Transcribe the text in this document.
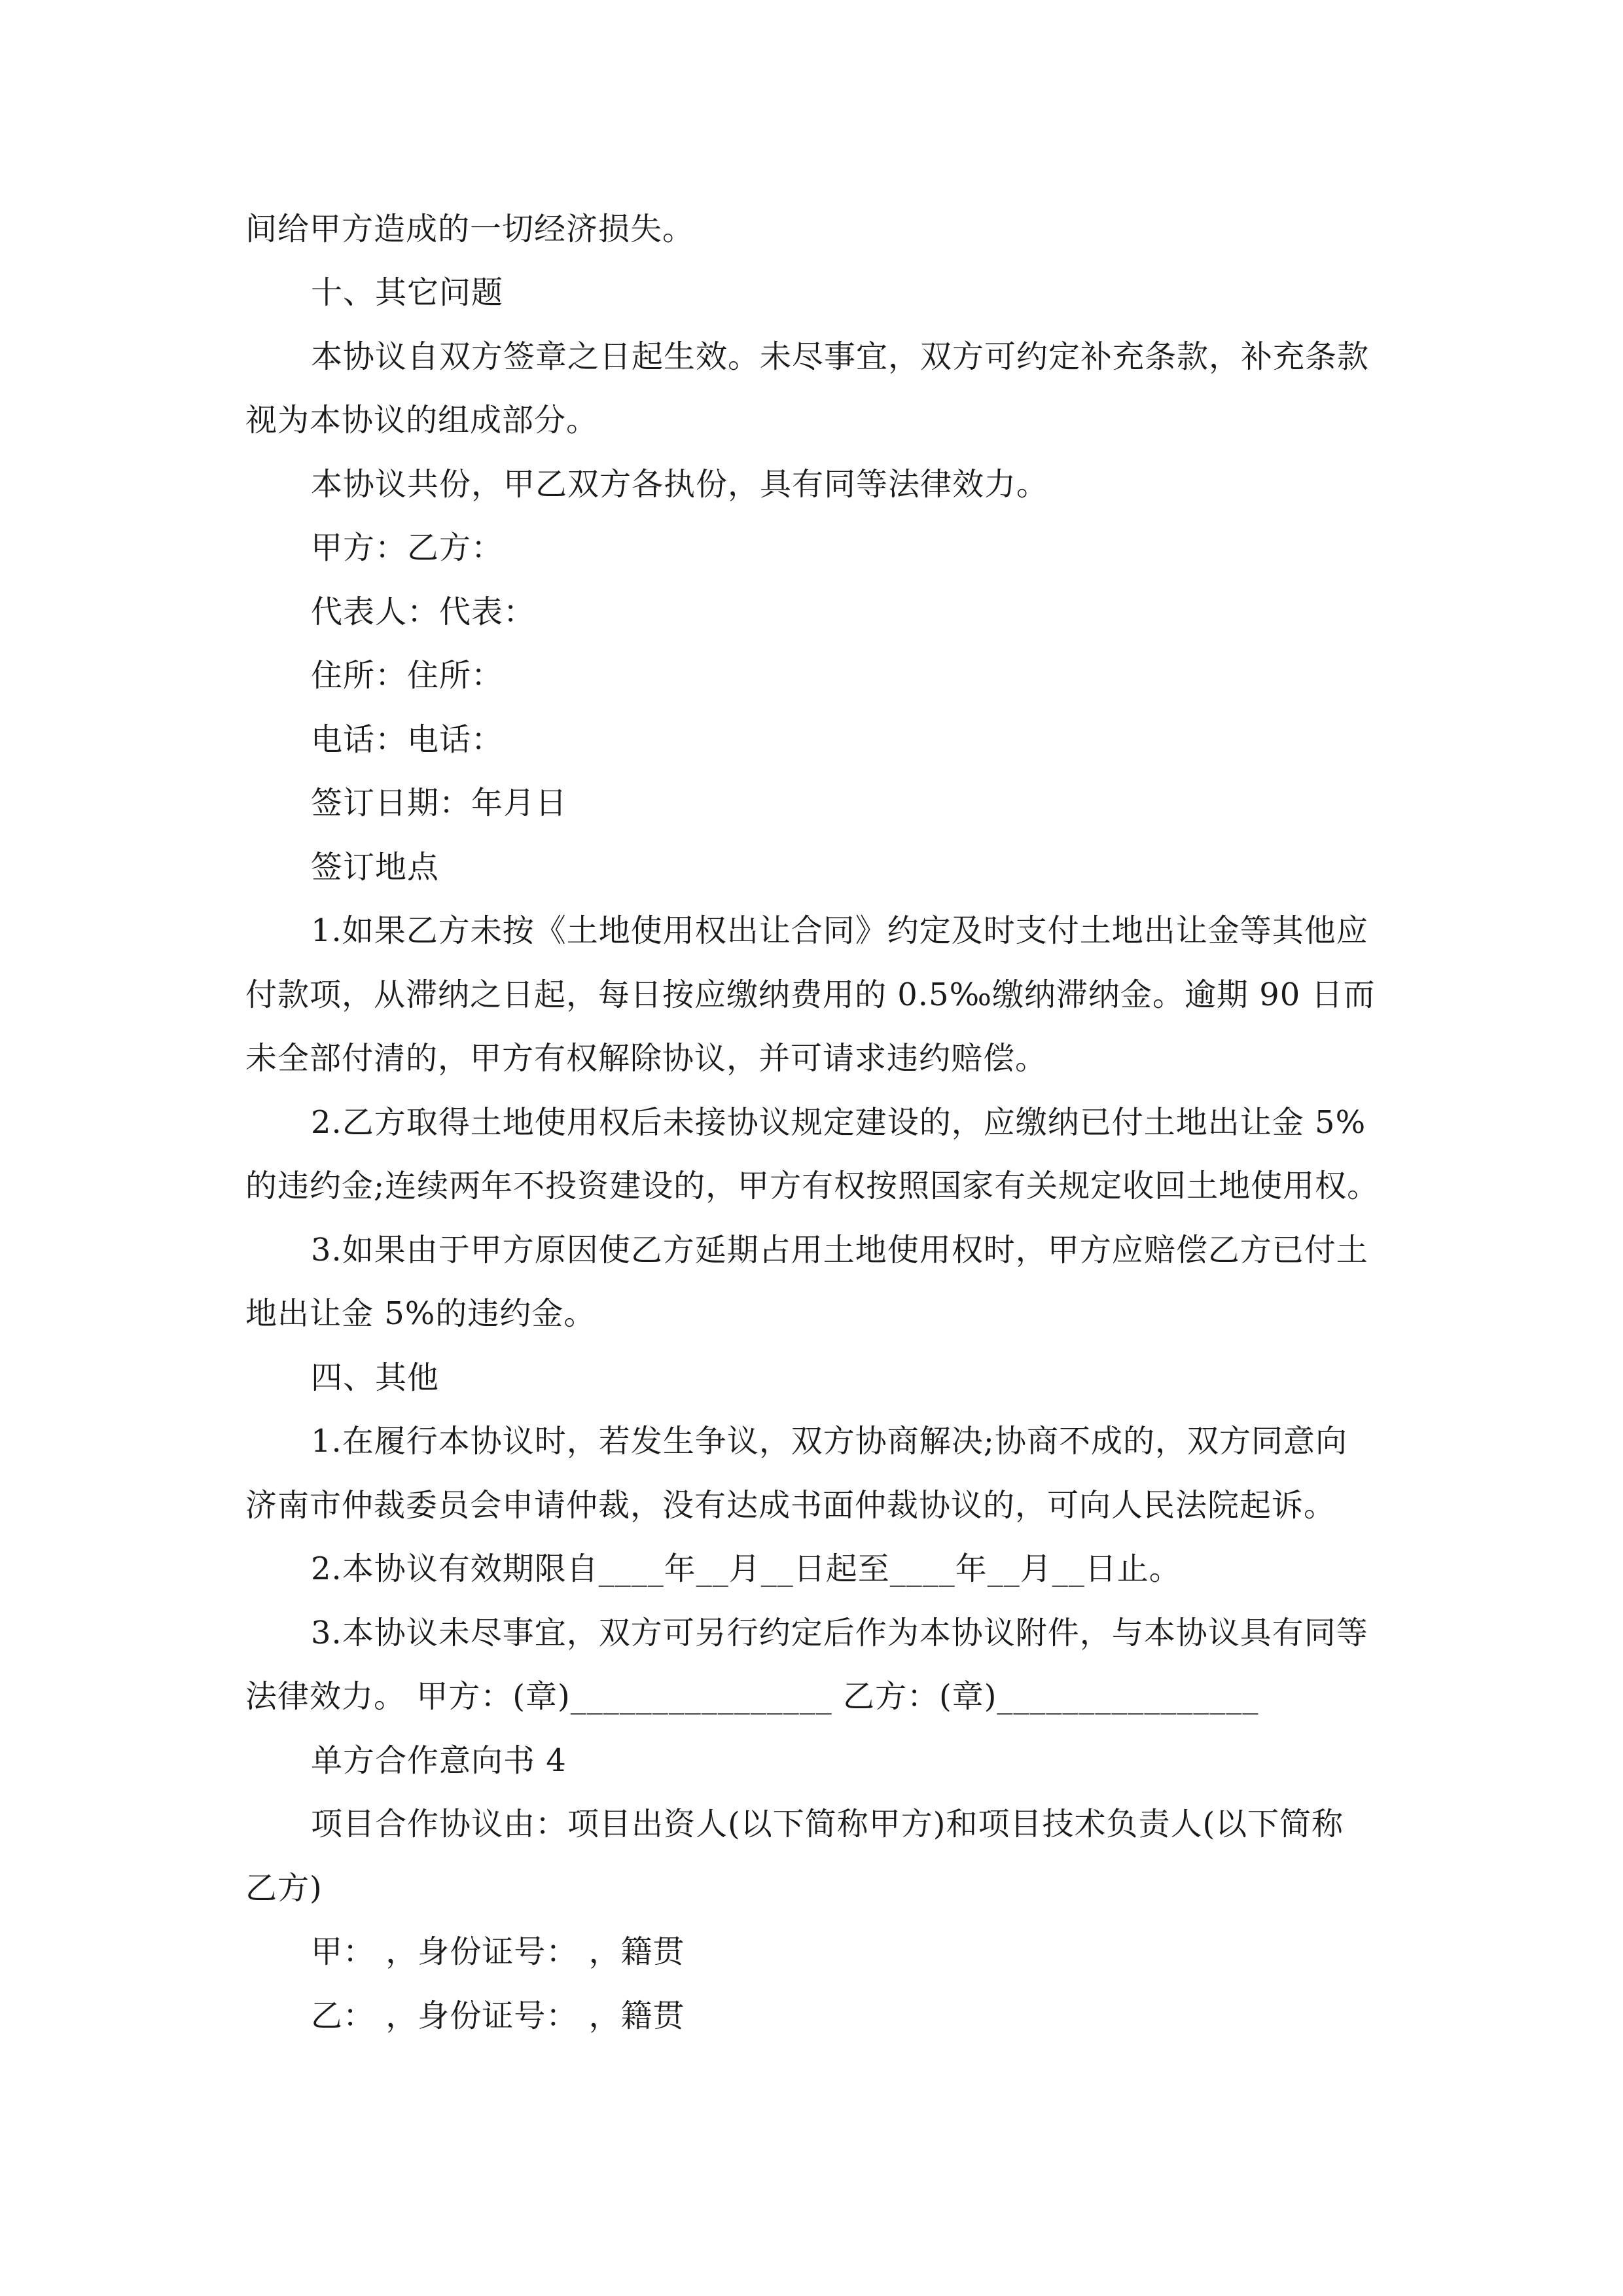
间给甲方造成的一切经济损失。
十、其它问题
本协议自双方签章之日起生效。未尽事宜，双方可约定补充条款，补充条款
视为本协议的组成部分。
本协议共份，甲乙双方各执份，具有同等法律效力。
甲方：乙方：
代表人：代表：
住所：住所：
电话：电话：
签订日期：年月日
签订地点
1.如果乙方未按《土地使用权出让合同》约定及时支付土地出让金等其他应
付款项，从滞纳之日起，每日按应缴纳费用的 0.5‰缴纳滞纳金。逾期 90 日而
未全部付清的，甲方有权解除协议，并可请求违约赔偿。
2.乙方取得土地使用权后未接协议规定建设的，应缴纳已付土地出让金 5%
的违约金;连续两年不投资建设的，甲方有权按照国家有关规定收回土地使用权。
3.如果由于甲方原因使乙方延期占用土地使用权时，甲方应赔偿乙方已付土
地出让金 5%的违约金。
四、其他
1.在履行本协议时，若发生争议，双方协商解决;协商不成的，双方同意向
济南市仲裁委员会申请仲裁，没有达成书面仲裁协议的，可向人民法院起诉。
2.本协议有效期限自____年__月__日起至____年__月__日止。
3.本协议未尽事宜，双方可另行约定后作为本协议附件，与本协议具有同等
法律效力。 甲方：(章)________________ 乙方：(章)________________
单方合作意向书 4
项目合作协议由：项目出资人(以下简称甲方)和项目技术负责人(以下简称
乙方)
甲： ，身份证号： ，籍贯
乙： ，身份证号： ，籍贯
